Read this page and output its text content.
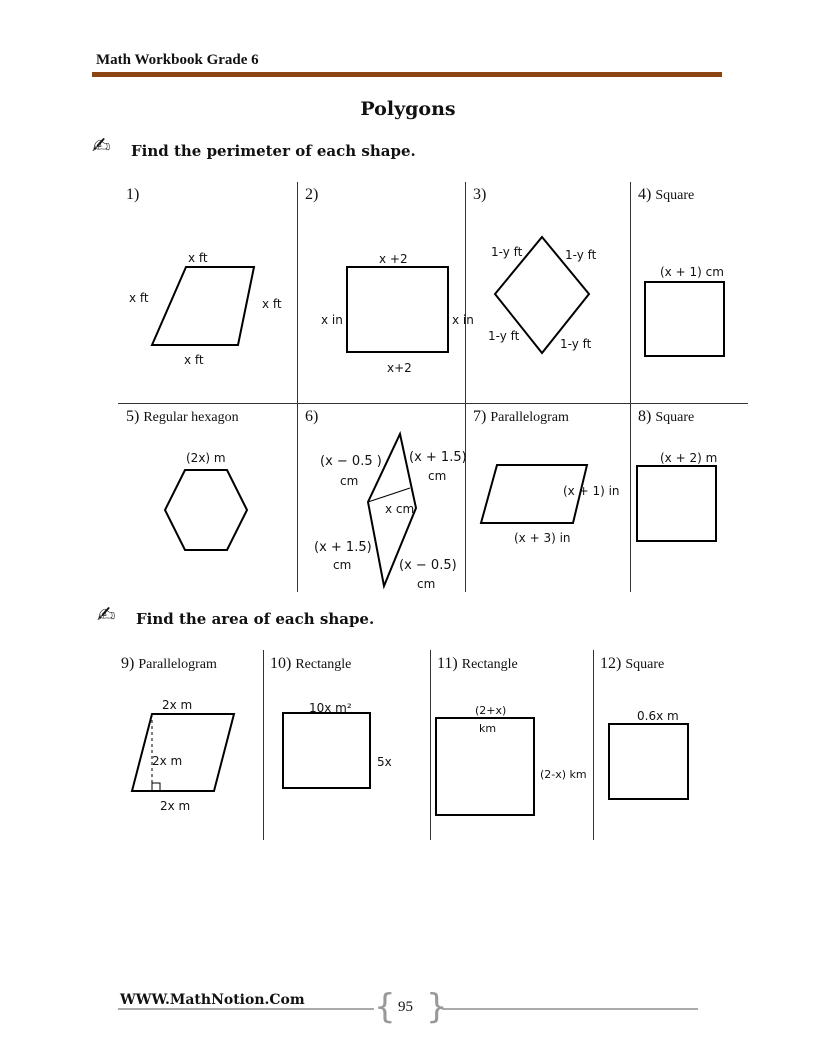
Math Workbook Grade 6
Polygons
✍ Find the perimeter of each shape.
1)
x ft
x ft	x ft
x ft
2)
x +2
x in	x in
x+2
3)
1-y ft	1-y ft
1-y ft
1-y ft
4) Square
(x + 1) cm
5) Regular hexagon
(2x) m
6)
(x − 0.5 )
cm
(x + 1.5)
cm
x cm
(x + 1.5)
cm	(x − 0.5)
cm
7) Parallelogram
(x + 1) in
(x + 3) in
8) Square
(x + 2) m
✍ Find the area of each shape.
9) Parallelogram
2x m
2x m
2x m
10) Rectangle
10x m²
5x
11) Rectangle
(2+x)
km
(2-x) km
12) Square
0.6x m
WWW.MathNotion.Com { }
95
